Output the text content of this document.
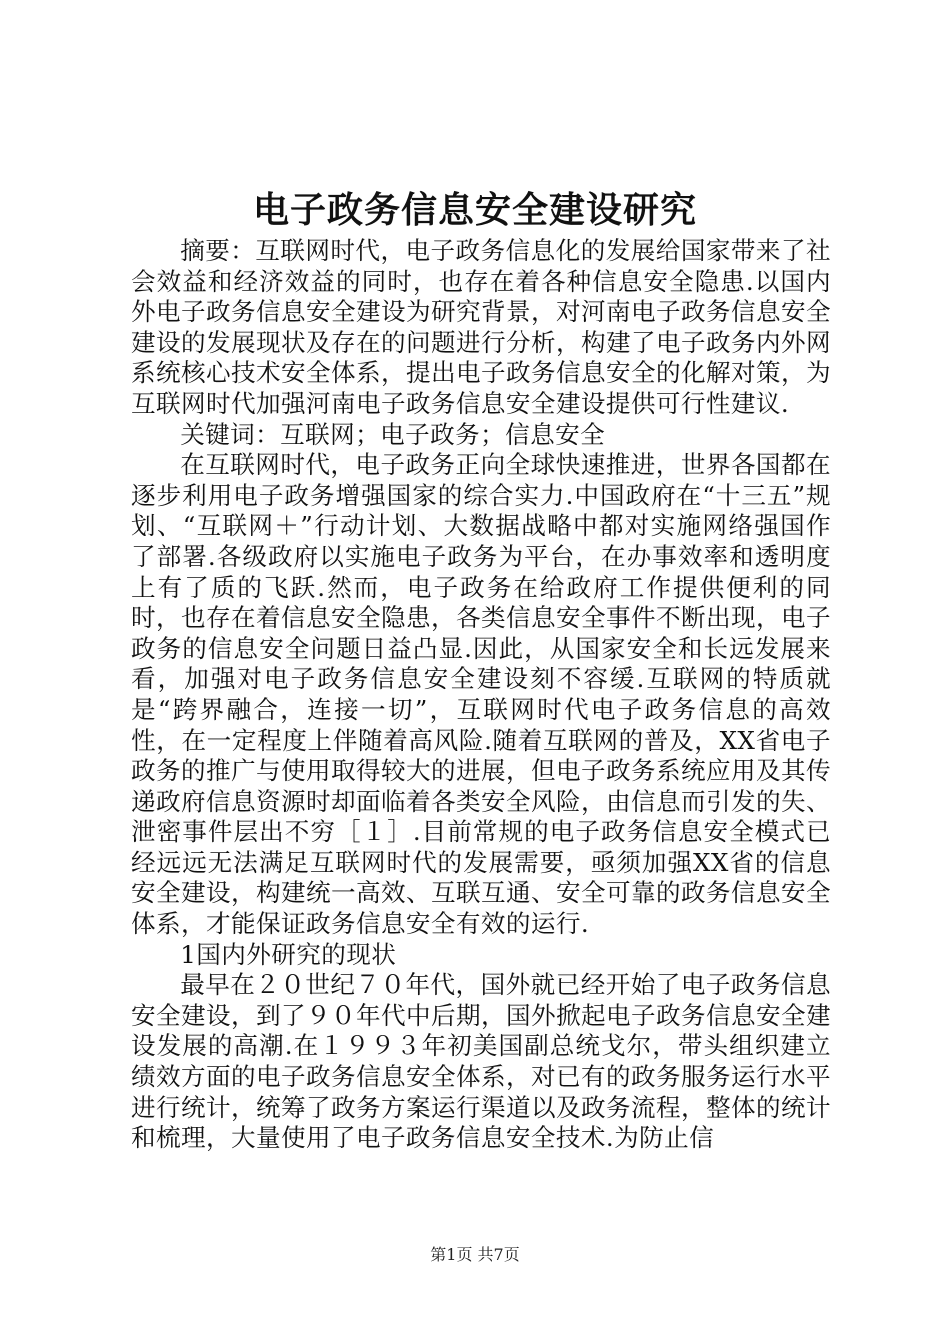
电子政务信息安全建设研究

摘要：互联网时代，电子政务信息化的发展给国家带来了社会效益和经济效益的同时，也存在着各种信息安全隐患.以国内外电子政务信息安全建设为研究背景，对河南电子政务信息安全建设的发展现状及存在的问题进行分析，构建了电子政务内外网系统核心技术安全体系，提出电子政务信息安全的化解对策，为互联网时代加强河南电子政务信息安全建设提供可行性建议.

关键词：互联网；电子政务；信息安全

在互联网时代，电子政务正向全球快速推进，世界各国都在逐步利用电子政务增强国家的综合实力.中国政府在“十三五”规划、“互联网＋”行动计划、大数据战略中都对实施网络强国作了部署.各级政府以实施电子政务为平台，在办事效率和透明度上有了质的飞跃.然而，电子政务在给政府工作提供便利的同时，也存在着信息安全隐患，各类信息安全事件不断出现，电子政务的信息安全问题日益凸显.因此，从国家安全和长远发展来看，加强对电子政务信息安全建设刻不容缓.互联网的特质就是“跨界融合，连接一切”，互联网时代电子政务信息的高效性，在一定程度上伴随着高风险.随着互联网的普及，XX省电子政务的推广与使用取得较大的进展，但电子政务系统应用及其传递政府信息资源时却面临着各类安全风险，由信息而引发的失、泄密事件层出不穷［１］.目前常规的电子政务信息安全模式已经远远无法满足互联网时代的发展需要，亟须加强XX省的信息安全建设，构建统一高效、互联互通、安全可靠的政务信息安全体系，才能保证政务信息安全有效的运行.

1国内外研究的现状

最早在２０世纪７０年代，国外就已经开始了电子政务信息安全建设，到了９０年代中后期，国外掀起电子政务信息安全建设发展的高潮.在１９９３年初美国副总统戈尔，带头组织建立绩效方面的电子政务信息安全体系，对已有的政务服务运行水平进行统计，统筹了政务方案运行渠道以及政务流程，整体的统计和梳理，大量使用了电子政务信息安全技术.为防止信

第1页 共7页
